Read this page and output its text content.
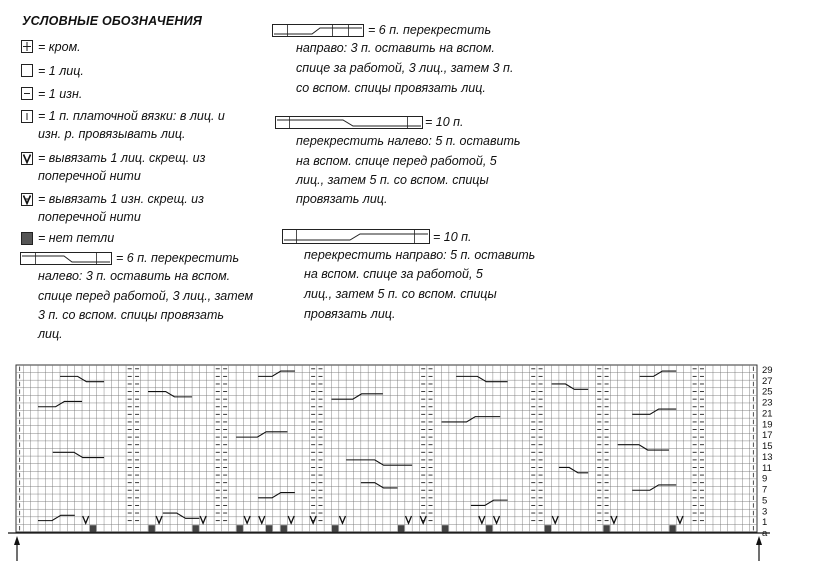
УСЛОВНЫЕ ОБОЗНАЧЕНИЯ
= кром.
= 1 лиц.
= 1 изн.
= 1 п. платочной вязки: в лиц. и
изн. р. провязывать лиц.
= вывязать 1 лиц. скрещ. из
поперечной нити
= вывязать 1 изн. скрещ. из
поперечной нити
= нет петли
= 6 п. перекрестить
налево: 3 п. оставить на вспом.
спице перед работой, 3 лиц., затем
3 п. со вспом. спицы провязать
лиц.
= 6 п. перекрестить
направо: 3 п. оставить на вспом.
спице за работой, 3 лиц., затем 3 п.
со вспом. спицы провязать лиц.
= 10 п.
перекрестить налево: 5 п. оставить
на вспом. спице перед работой, 5
лиц., затем 5 п. со вспом. спицы
провязать лиц.
= 10 п.
перекрестить направо: 5 п. оставить
на вспом. спице за работой, 5
лиц., затем 5 п. со вспом. спицы
провязать лиц.
29
27
25
23
21
19
17
15
13
11
9
7
5
3
1
a
